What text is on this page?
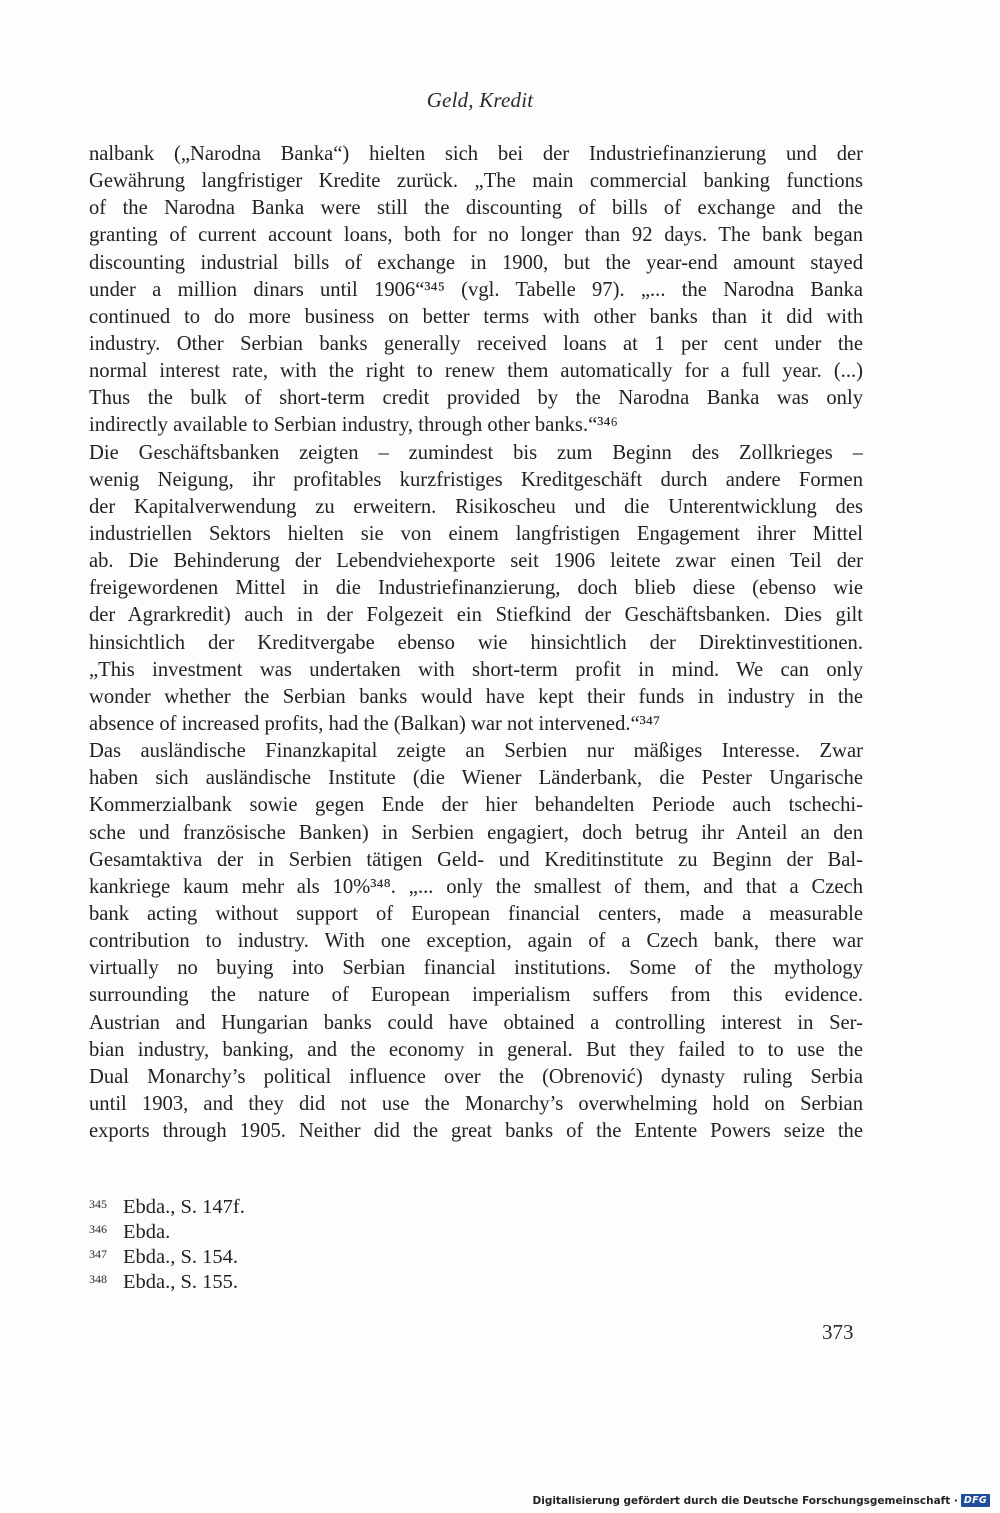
Geld, Kredit
nalbank („Narodna Banka“) hielten sich bei der Industriefinanzierung und der
Gewährung langfristiger Kredite zurück. „The main commercial banking functions
of the Narodna Banka were still the discounting of bills of exchange and the
granting of current account loans, both for no longer than 92 days. The bank began
discounting industrial bills of exchange in 1900, but the year-end amount stayed
under a million dinars until 1906“³⁴⁵ (vgl. Tabelle 97). „... the Narodna Banka
continued to do more business on better terms with other banks than it did with
industry. Other Serbian banks generally received loans at 1 per cent under the
normal interest rate, with the right to renew them automatically for a full year. (...)
Thus the bulk of short-term credit provided by the Narodna Banka was only
indirectly available to Serbian industry, through other banks.“³⁴⁶
Die Geschäftsbanken zeigten – zumindest bis zum Beginn des Zollkrieges –
wenig Neigung, ihr profitables kurzfristiges Kreditgeschäft durch andere Formen
der Kapitalverwendung zu erweitern. Risikoscheu und die Unterentwicklung des
industriellen Sektors hielten sie von einem langfristigen Engagement ihrer Mittel
ab. Die Behinderung der Lebendviehexporte seit 1906 leitete zwar einen Teil der
freigewordenen Mittel in die Industriefinanzierung, doch blieb diese (ebenso wie
der Agrarkredit) auch in der Folgezeit ein Stiefkind der Geschäftsbanken. Dies gilt
hinsichtlich der Kreditvergabe ebenso wie hinsichtlich der Direktinvestitionen.
„This investment was undertaken with short-term profit in mind. We can only
wonder whether the Serbian banks would have kept their funds in industry in the
absence of increased profits, had the (Balkan) war not intervened.“³⁴⁷
Das ausländische Finanzkapital zeigte an Serbien nur mäßiges Interesse. Zwar
haben sich ausländische Institute (die Wiener Länderbank, die Pester Ungarische
Kommerzialbank sowie gegen Ende der hier behandelten Periode auch tschechi-
sche und französische Banken) in Serbien engagiert, doch betrug ihr Anteil an den
Gesamtaktiva der in Serbien tätigen Geld- und Kreditinstitute zu Beginn der Bal-
kankriege kaum mehr als 10%³⁴⁸. „... only the smallest of them, and that a Czech
bank acting without support of European financial centers, made a measurable
contribution to industry. With one exception, again of a Czech bank, there war
virtually no buying into Serbian financial institutions. Some of the mythology
surrounding the nature of European imperialism suffers from this evidence.
Austrian and Hungarian banks could have obtained a controlling interest in Ser-
bian industry, banking, and the economy in general. But they failed to to use the
Dual Monarchy’s political influence over the (Obrenović) dynasty ruling Serbia
until 1903, and they did not use the Monarchy’s overwhelming hold on Serbian
exports through 1905. Neither did the great banks of the Entente Powers seize the
345 Ebda., S. 147f.
346 Ebda.
347 Ebda., S. 154.
348 Ebda., S. 155.
373
Digitalisierung gefördert durch die Deutsche Forschungsgemeinschaft · DFG
